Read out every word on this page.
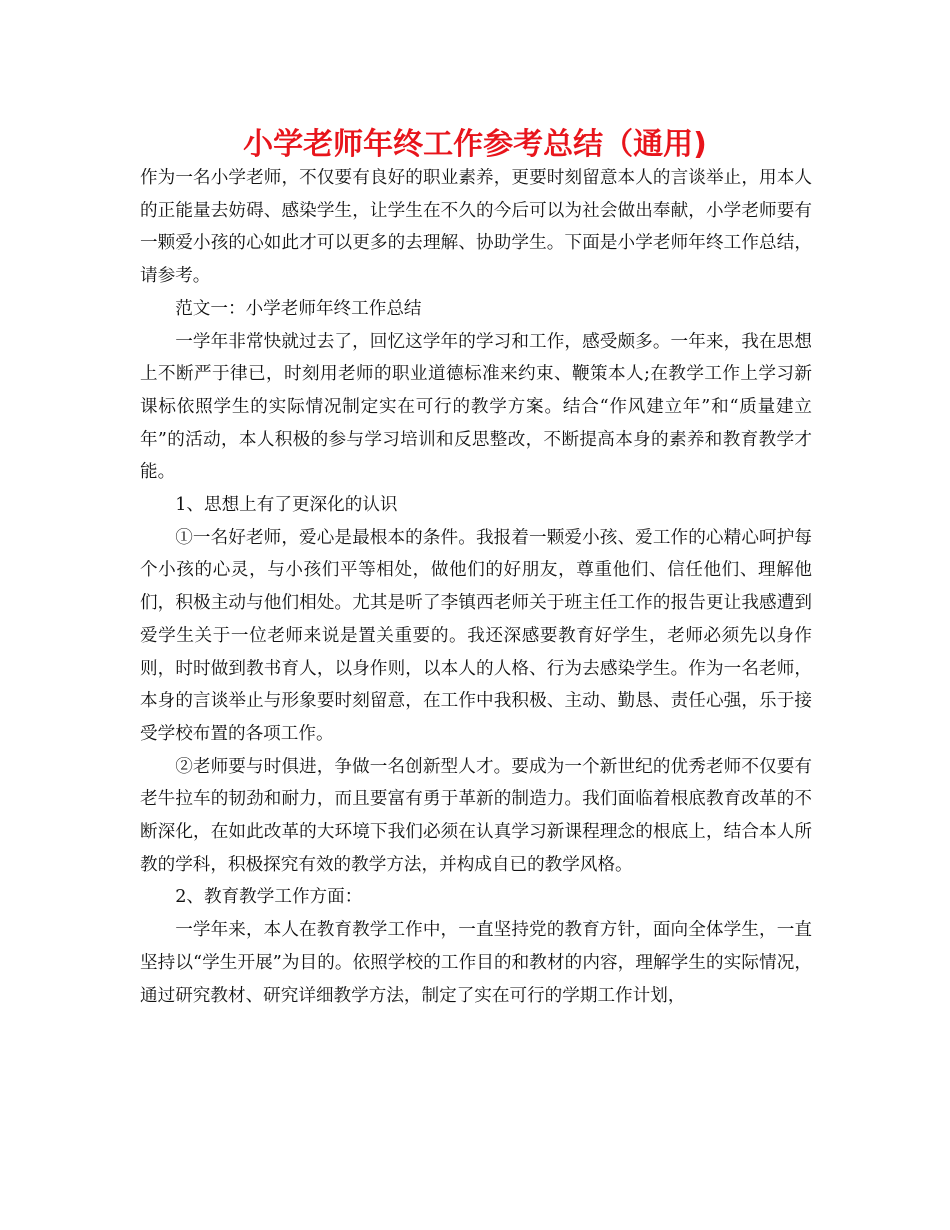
小学老师年终工作参考总结（通用)

作为一名小学老师，不仅要有良好的职业素养，更要时刻留意本人的言谈举止，用本人的正能量去妨碍、感染学生，让学生在不久的今后可以为社会做出奉献，小学老师要有一颗爱小孩的心如此才可以更多的去理解、协助学生。下面是小学老师年终工作总结，请参考。

范文一：小学老师年终工作总结

一学年非常快就过去了，回忆这学年的学习和工作，感受颇多。一年来，我在思想上不断严于律已，时刻用老师的职业道德标准来约束、鞭策本人;在教学工作上学习新课标依照学生的实际情况制定实在可行的教学方案。结合“作风建立年”和“质量建立年”的活动，本人积极的参与学习培训和反思整改，不断提高本身的素养和教育教学才能。

1、思想上有了更深化的认识

①一名好老师，爱心是最根本的条件。我报着一颗爱小孩、爱工作的心精心呵护每个小孩的心灵，与小孩们平等相处，做他们的好朋友，尊重他们、信任他们、理解他们，积极主动与他们相处。尤其是听了李镇西老师关于班主任工作的报告更让我感遭到爱学生关于一位老师来说是置关重要的。我还深感要教育好学生，老师必须先以身作则，时时做到教书育人，以身作则，以本人的人格、行为去感染学生。作为一名老师，本身的言谈举止与形象要时刻留意，在工作中我积极、主动、勤恳、责任心强，乐于接受学校布置的各项工作。

②老师要与时俱进，争做一名创新型人才。要成为一个新世纪的优秀老师不仅要有老牛拉车的韧劲和耐力，而且要富有勇于革新的制造力。我们面临着根底教育改革的不断深化，在如此改革的大环境下我们必须在认真学习新课程理念的根底上，结合本人所教的学科，积极探究有效的教学方法，并构成自已的教学风格。

2、教育教学工作方面：

一学年来，本人在教育教学工作中，一直坚持党的教育方针，面向全体学生，一直坚持以“学生开展”为目的。依照学校的工作目的和教材的内容，理解学生的实际情况，通过研究教材、研究详细教学方法，制定了实在可行的学期工作计划，
